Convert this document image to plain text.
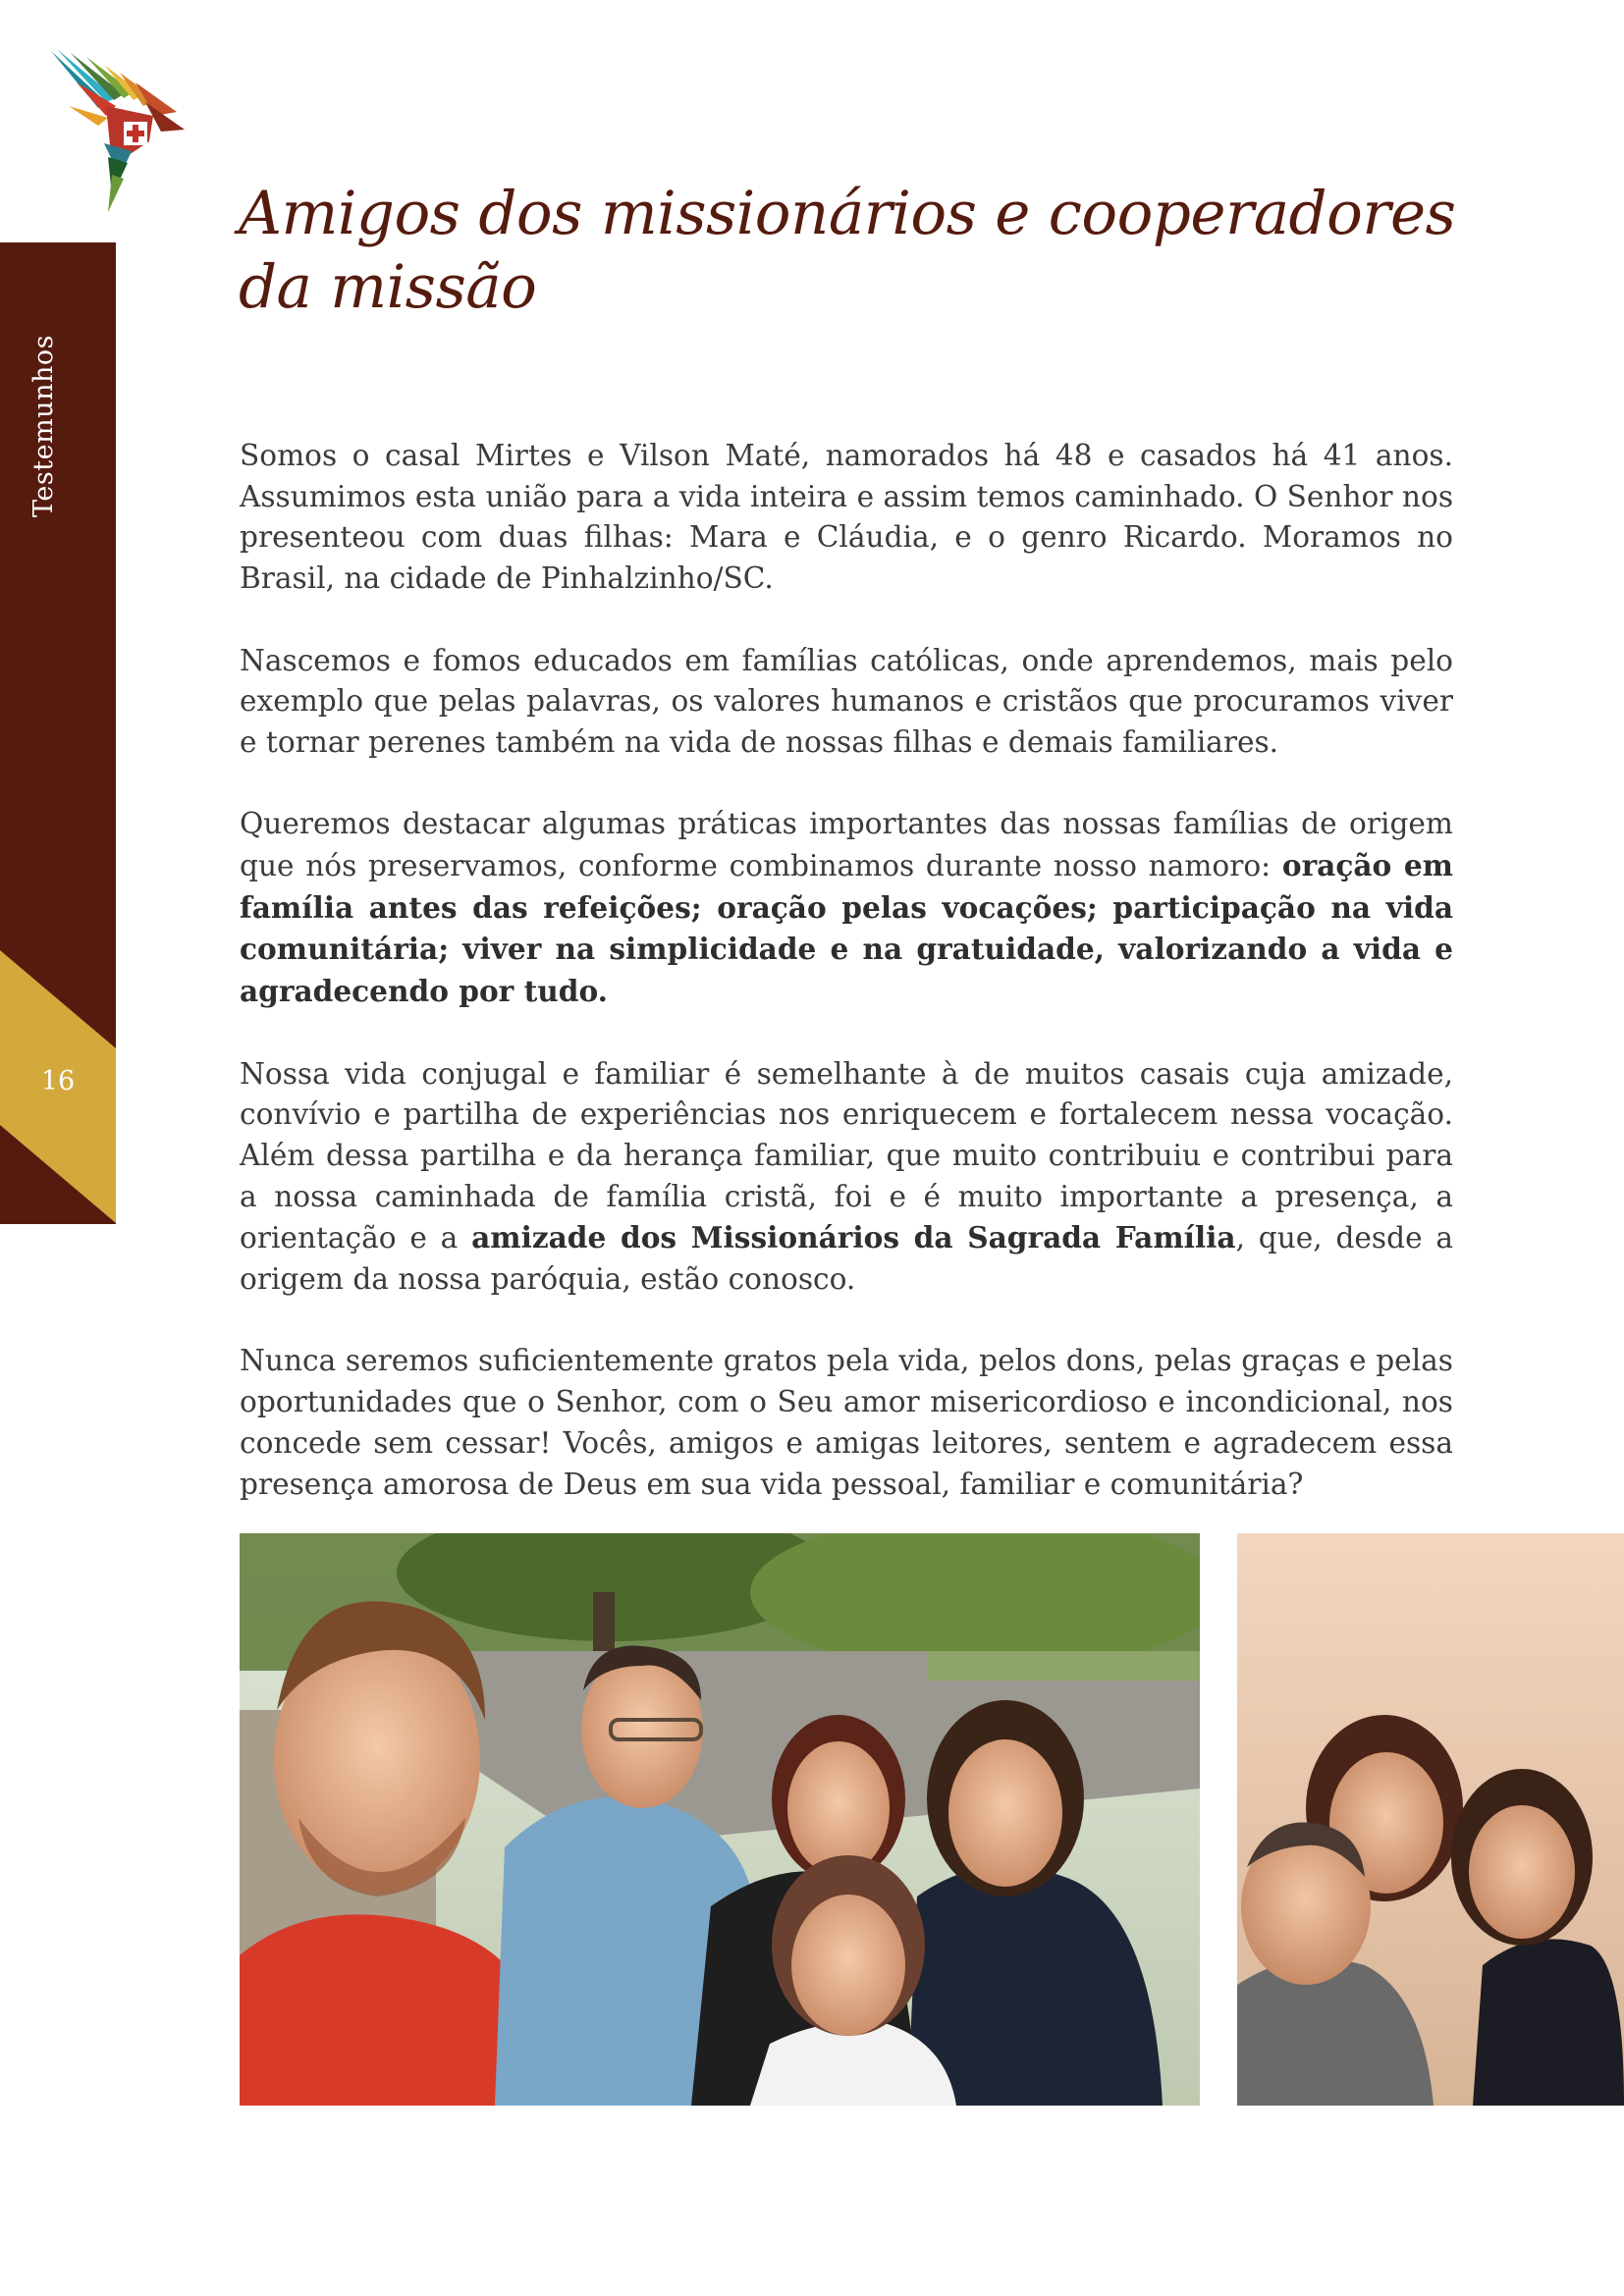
16
Amigos dos missionários e cooperadores da missão

Somos o casal Mirtes e Vilson Maté, namorados há 48 e casados há 41 anos. Assumimos esta união para a vida inteira e assim temos caminhado. O Senhor nos presenteou com duas filhas: Mara e Cláudia, e o genro Ricardo. Moramos no Brasil, na cidade de Pinhalzinho/SC.

Nascemos e fomos educados em famílias católicas, onde aprendemos, mais pelo exemplo que pelas palavras, os valores humanos e cristãos que procuramos viver e tornar perenes também na vida de nossas filhas e demais familiares.

Queremos destacar algumas práticas importantes das nossas famílias de origem que nós preservamos, conforme combinamos durante nosso namoro: oração em família antes das refeições; oração pelas vocações; participação na vida comunitária; viver na simplicidade e na gratuidade, valorizando a vida e agradecendo por tudo.

Nossa vida conjugal e familiar é semelhante à de muitos casais cuja amizade, convívio e partilha de experiências nos enriquecem e fortalecem nessa vocação. Além dessa partilha e da herança familiar, que muito contribuiu e contribui para a nossa caminhada de família cristã, foi e é muito importante a presença, a orientação e a amizade dos Missionários da Sagrada Família, que, desde a origem da nossa paróquia, estão conosco.

Nunca seremos suficientemente gratos pela vida, pelos dons, pelas graças e pelas oportunidades que o Senhor, com o Seu amor misericordioso e incondicional, nos concede sem cessar! Vocês, amigos e amigas leitores, sentem e agradecem essa presença amorosa de Deus em sua vida pessoal, familiar e comunitária?
